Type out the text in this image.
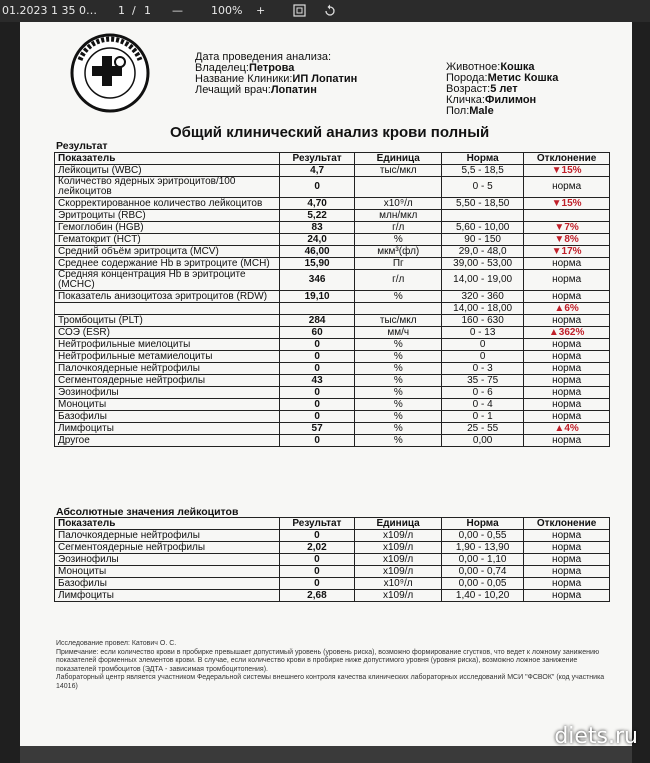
01.2023 1 35 0… 1 / 1 —	100% +
Дата проведения анализа:
Владелец:Петрова
Название Клиники:ИП Лопатин
Лечащий врач:Лопатин
Животное:Кошка
Порода:Метис Кошка
Возраст:5 лет
Кличка:Филимон
Пол:Male
Общий клинический анализ крови полный
Результат
Показатель	Результат	Единица	Норма	Отклонение
Лейкоциты (WBC)	4,7	тыс/мкл	5,5 - 18,5	▼15%
Количество ядерных эритроцитов/100 лейкоцитов	0		0 - 5	норма
Скорректированное количество лейкоцитов	4,70	x10⁹/л	5,50 - 18,50	▼15%
Эритроциты (RBC)	5,22	млн/мкл		
Гемоглобин (HGB)	83	г/л	5,60 - 10,00	▼7%
Гематокрит (HCT)	24,0	%	90 - 150	▼8%
Средний объём эритроцита (MCV)	46,00	мкм³(фл)	29,0 - 48,0	▼17%
Среднее содержание Hb в эритроците (MCH)	15,90	Пг	39,00 - 53,00	норма
Средняя концентрация Hb в эритроците (MCHC)	346	г/л	14,00 - 19,00	норма
Показатель анизоцитоза эритроцитов (RDW)	19,10	%	320 - 360	норма
			14,00 - 18,00	▲6%
Тромбоциты (PLT)	284	тыс/мкл	160 - 630	норма
СОЭ (ESR)	60	мм/ч	0 - 13	▲362%
Нейтрофильные миелоциты	0	%	0	норма
Нейтрофильные метамиелоциты	0	%	0	норма
Палочкоядерные нейтрофилы	0	%	0 - 3	норма
Сегментоядерные нейтрофилы	43	%	35 - 75	норма
Эозинофилы	0	%	0 - 6	норма
Моноциты	0	%	0 - 4	норма
Базофилы	0	%	0 - 1	норма
Лимфоциты	57	%	25 - 55	▲4%
Другое	0	%	0,00	норма
Абсолютные значения лейкоцитов
Показатель	Результат	Единица	Норма	Отклонение
Палочкоядерные нейтрофилы	0	x109/л	0,00 - 0,55	норма
Сегментоядерные нейтрофилы	2,02	x109/л	1,90 - 13,90	норма
Эозинофилы	0	x109/л	0,00 - 1,10	норма
Моноциты	0	x109/л	0,00 - 0,74	норма
Базофилы	0	x10⁹/л	0,00 - 0,05	норма
Лимфоциты	2,68	x109/л	1,40 - 10,20	норма
Исследование провел: Катович О. С.
Примечание: если количество крови в пробирке превышает допустимый уровень (уровень риска), возможно формирование сгустков, что ведет к ложному занижению показателей форменных элементов крови. В случае, если количество крови в пробирке ниже допустимого уровня (уровня риска), возможно ложное занижение показателей тромбоцитов (ЭДТА - зависимая тромбоцитопения).
Лабораторный центр является участником Федеральной системы внешнего контроля качества клинических лабораторных исследований МСИ "ФСВОК" (код участника 14016)
diets.ru
